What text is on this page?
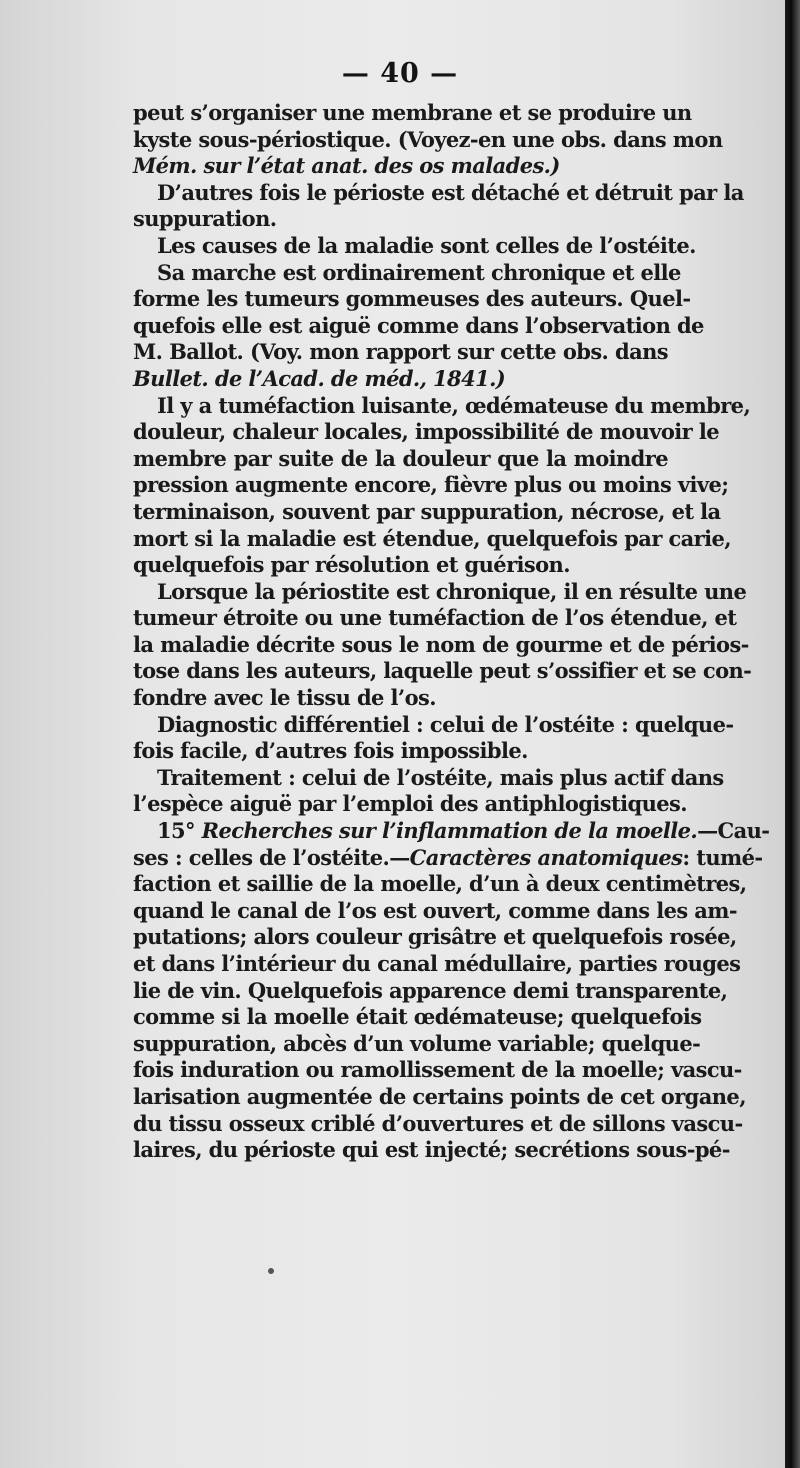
— 40 —

peut s’organiser une membrane et se produire un
kyste sous-périostique. (Voyez-en une obs. dans mon
Mém. sur l’état anat. des os malades.)

D’autres fois le périoste est détaché et détruit par la
suppuration.

Les causes de la maladie sont celles de l’ostéite.

Sa marche est ordinairement chronique et elle
forme les tumeurs gommeuses des auteurs. Quel-
quefois elle est aiguë comme dans l’observation de
M. Ballot. (Voy. mon rapport sur cette obs. dans
Bullet. de l’Acad. de méd., 1841.)

Il y a tuméfaction luisante, œdémateuse du membre,
douleur, chaleur locales, impossibilité de mouvoir le
membre par suite de la douleur que la moindre
pression augmente encore, fièvre plus ou moins vive;
terminaison, souvent par suppuration, nécrose, et la
mort si la maladie est étendue, quelquefois par carie,
quelquefois par résolution et guérison.

Lorsque la périostite est chronique, il en résulte une
tumeur étroite ou une tuméfaction de l’os étendue, et
la maladie décrite sous le nom de gourme et de périos-
tose dans les auteurs, laquelle peut s’ossifier et se con-
fondre avec le tissu de l’os.

Diagnostic différentiel : celui de l’ostéite : quelque-
fois facile, d’autres fois impossible.

Traitement : celui de l’ostéite, mais plus actif dans
l’espèce aiguë par l’emploi des antiphlogistiques.

15° Recherches sur l’inflammation de la moelle.—Cau-
ses : celles de l’ostéite.—Caractères anatomiques: tumé-
faction et saillie de la moelle, d’un à deux centimètres,
quand le canal de l’os est ouvert, comme dans les am-
putations; alors couleur grisâtre et quelquefois rosée,
et dans l’intérieur du canal médullaire, parties rouges
lie de vin. Quelquefois apparence demi transparente,
comme si la moelle était œdémateuse; quelquefois
suppuration, abcès d’un volume variable; quelque-
fois induration ou ramollissement de la moelle; vascu-
larisation augmentée de certains points de cet organe,
du tissu osseux criblé d’ouvertures et de sillons vascu-
laires, du périoste qui est injecté; secrétions sous-pé-
